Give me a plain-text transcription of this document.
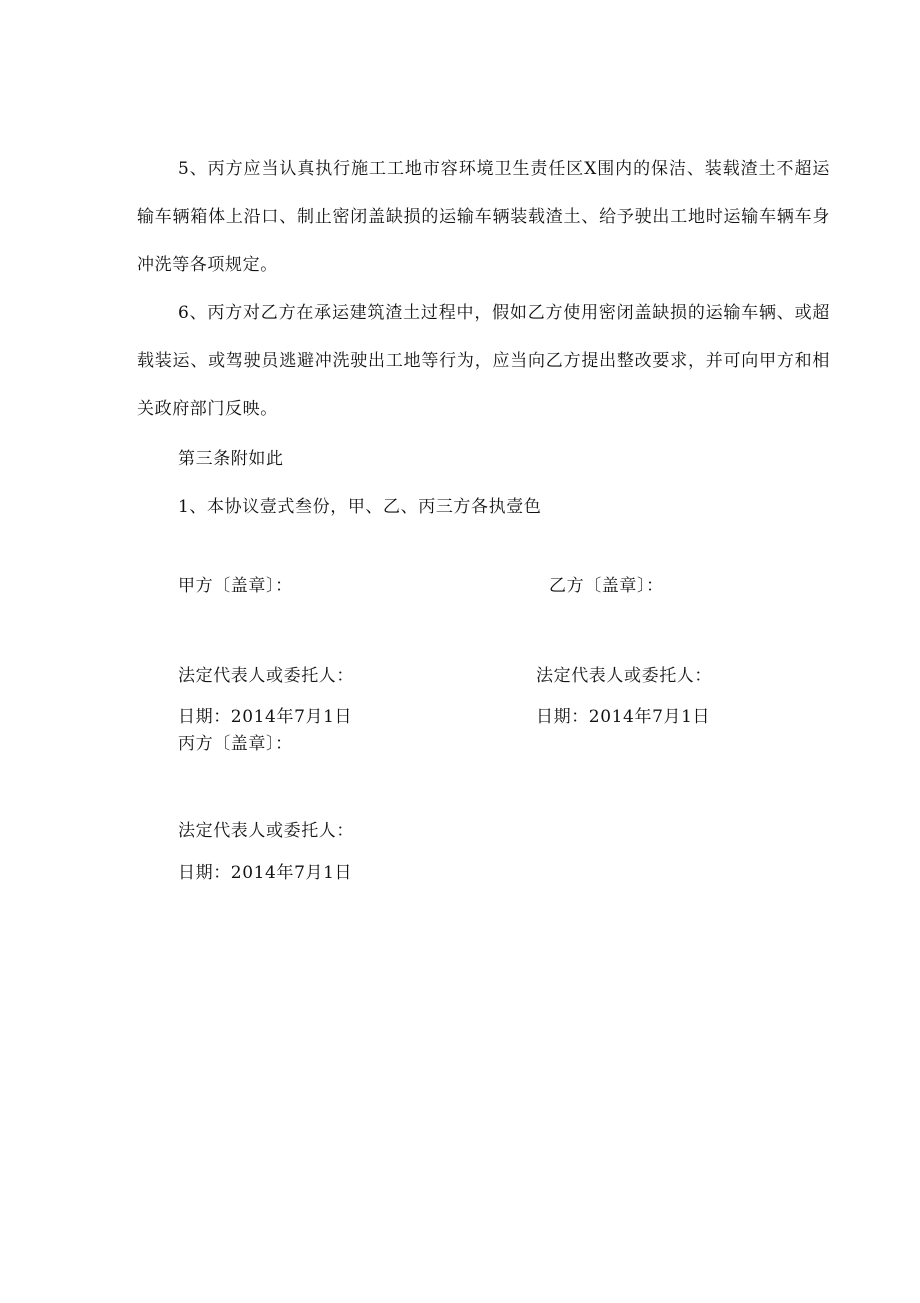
5、丙方应当认真执行施工工地市容环境卫生责任区X围内的保洁、装载渣土不超运输车辆箱体上沿口、制止密闭盖缺损的运输车辆装载渣土、给予驶出工地时运输车辆车身冲洗等各项规定。

6、丙方对乙方在承运建筑渣土过程中，假如乙方使用密闭盖缺损的运输车辆、或超载装运、或驾驶员逃避冲洗驶出工地等行为，应当向乙方提出整改要求，并可向甲方和相关政府部门反映。

第三条附如此

1、本协议壹式叁份，甲、乙、丙三方各执壹色

甲方〔盖章〕：	乙方〔盖章〕：

法定代表人或委托人：	法定代表人或委托人：

日期：2014年7月1日	日期：2014年7月1日

丙方〔盖章〕：

法定代表人或委托人：

日期：2014年7月1日
